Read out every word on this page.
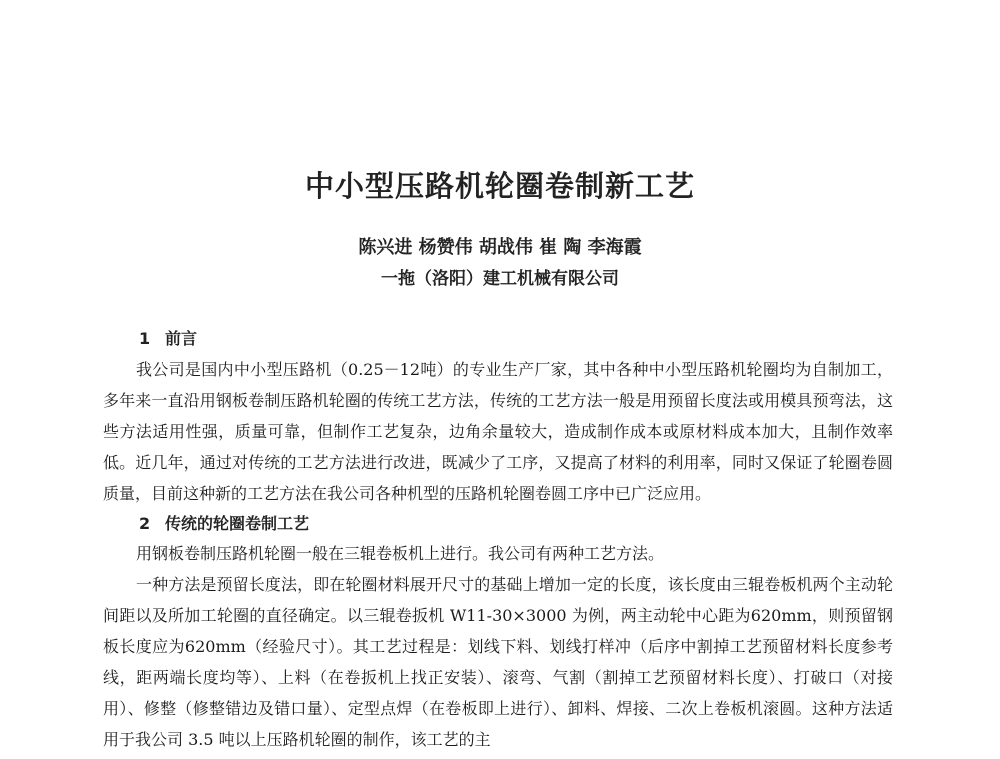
中小型压路机轮圈卷制新工艺
陈兴进 杨赞伟 胡战伟 崔 陶 李海霞
一拖（洛阳）建工机械有限公司
1 前言

我公司是国内中小型压路机（0.25－12吨）的专业生产厂家，其中各种中小型压路机轮圈均为自制加工，多年来一直沿用钢板卷制压路机轮圈的传统工艺方法，传统的工艺方法一般是用预留长度法或用模具预弯法，这些方法适用性强，质量可靠，但制作工艺复杂，边角余量较大，造成制作成本或原材料成本加大，且制作效率低。近几年，通过对传统的工艺方法进行改进，既减少了工序，又提高了材料的利用率，同时又保证了轮圈卷圆质量，目前这种新的工艺方法在我公司各种机型的压路机轮圈卷圆工序中已广泛应用。

2 传统的轮圈卷制工艺

用钢板卷制压路机轮圈一般在三辊卷板机上进行。我公司有两种工艺方法。

一种方法是预留长度法，即在轮圈材料展开尺寸的基础上增加一定的长度，该长度由三辊卷板机两个主动轮间距以及所加工轮圈的直径确定。以三辊卷扳机 W11-30×3000 为例，两主动轮中心距为620mm，则预留钢板长度应为620mm（经验尺寸）。其工艺过程是：划线下料、划线打样冲（后序中割掉工艺预留材料长度参考线，距两端长度均等）、上料（在卷扳机上找正安装）、滚弯、气割（割掉工艺预留材料长度）、打破口（对接用）、修整（修整错边及错口量）、定型点焊（在卷板即上进行）、卸料、焊接、二次上卷板机滚圆。这种方法适用于我公司 3.5 吨以上压路机轮圈的制作，该工艺的主
